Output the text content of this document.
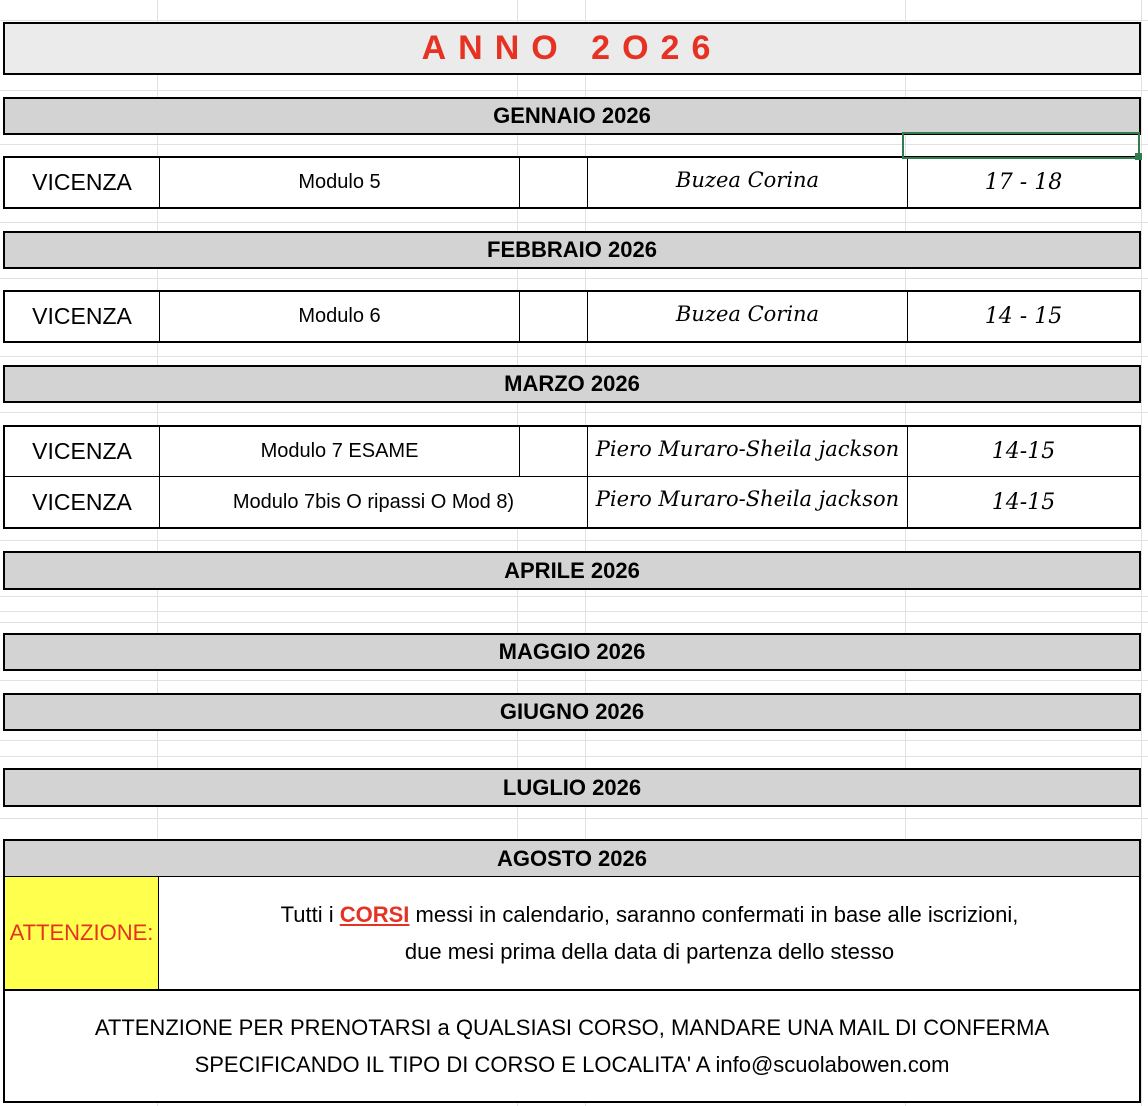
ANNO 2O26
GENNAIO 2026
VICENZA	Modulo 5	Buzea Corina	17 - 18
FEBBRAIO 2026
VICENZA	Modulo 6	Buzea Corina	14 - 15
MARZO 2026
VICENZA	Modulo 7 ESAME	Piero Muraro-Sheila jackson	14-15
VICENZA	Modulo 7bis O ripassi O Mod 8)	Piero Muraro-Sheila jackson	14-15
APRILE 2026
MAGGIO 2026
GIUGNO 2026
LUGLIO 2026
AGOSTO 2026
ATTENZIONE:
Tutti i CORSI messi in calendario, saranno confermati in base alle iscrizioni,
due mesi prima della data di partenza dello stesso
ATTENZIONE PER PRENOTARSI a QUALSIASI CORSO, MANDARE UNA MAIL DI CONFERMA
SPECIFICANDO IL TIPO DI CORSO E LOCALITA' A info@scuolabowen.com
